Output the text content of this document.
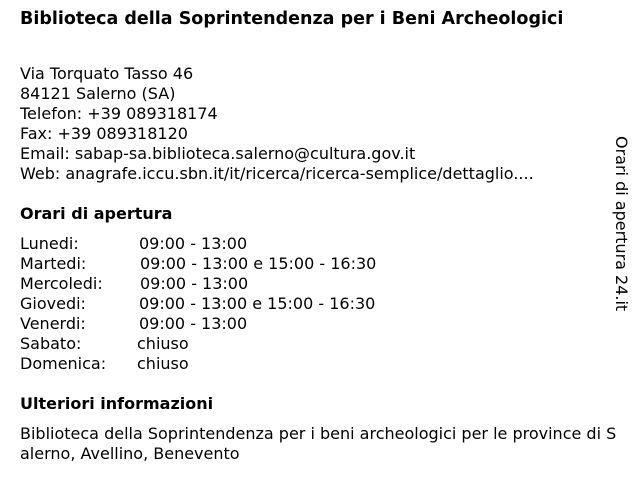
Biblioteca della Soprintendenza per i Beni Archeologici
Via Torquato Tasso 46
84121 Salerno (SA)
Telefon: +39 089318174
Fax: +39 089318120
Email: sabap-sa.biblioteca.salerno@cultura.gov.it
Web: anagrafe.iccu.sbn.it/it/ricerca/ricerca-semplice/dettaglio....
Orari di apertura
Lunedi:	09:00 - 13:00
Martedi:	09:00 - 13:00 e 15:00 - 16:30
Mercoledi: 09:00 - 13:00
Giovedi:	09:00 - 13:00 e 15:00 - 16:30
Venerdi:	09:00 - 13:00
Sabato:	chiuso
Domenica: chiuso
Ulteriori informazioni
Biblioteca della Soprintendenza per i beni archeologici per le province di Salerno, Avellino, Benevento
Orari di apertura 24.it
